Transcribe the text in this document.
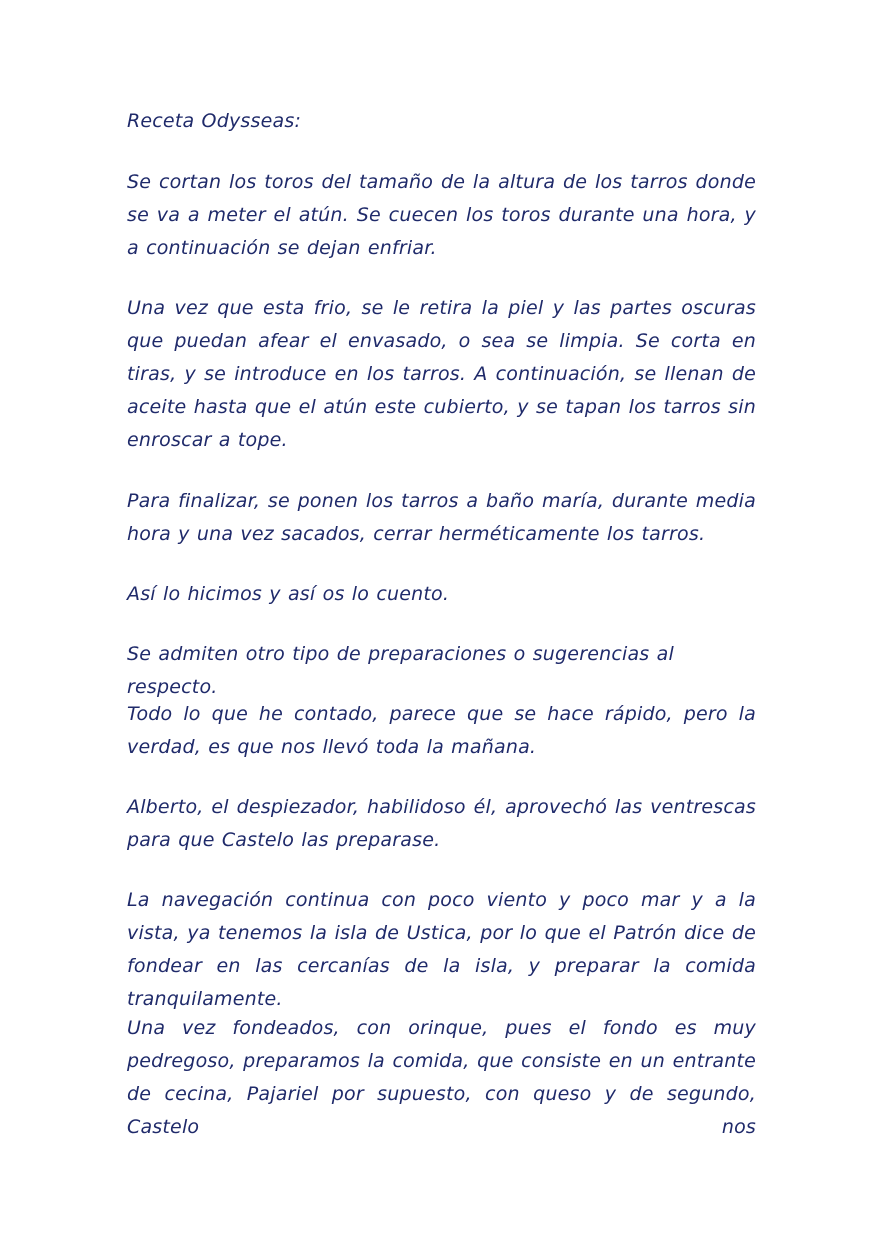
Receta Odysseas:

Se cortan los toros del tamaño de la altura de los tarros donde se va a meter el atún. Se cuecen los toros durante una hora, y a continuación se dejan enfriar.

Una vez que esta frio, se le retira la piel y las partes oscuras que puedan afear el envasado, o sea se limpia. Se corta en tiras, y se introduce en los tarros. A continuación, se llenan de aceite hasta que el atún este cubierto, y se tapan los tarros sin enroscar a tope.

Para finalizar, se ponen los tarros a baño maría, durante media hora y una vez sacados, cerrar herméticamente los tarros.

Así lo hicimos y así os lo cuento.

Se admiten otro tipo de preparaciones o sugerencias al respecto.

Todo lo que he contado, parece que se hace rápido, pero la verdad, es que nos llevó toda la mañana.

Alberto, el despiezador, habilidoso él, aprovechó las ventrescas para que Castelo las preparase.

La navegación continua con poco viento y poco mar y a la vista, ya tenemos la isla de Ustica, por lo que el Patrón dice de fondear en las cercanías de la isla, y preparar la comida tranquilamente.

Una vez fondeados, con orinque, pues el fondo es muy pedregoso, preparamos la comida, que consiste en un entrante de cecina, Pajariel por supuesto, con queso y de segundo, Castelo nos
